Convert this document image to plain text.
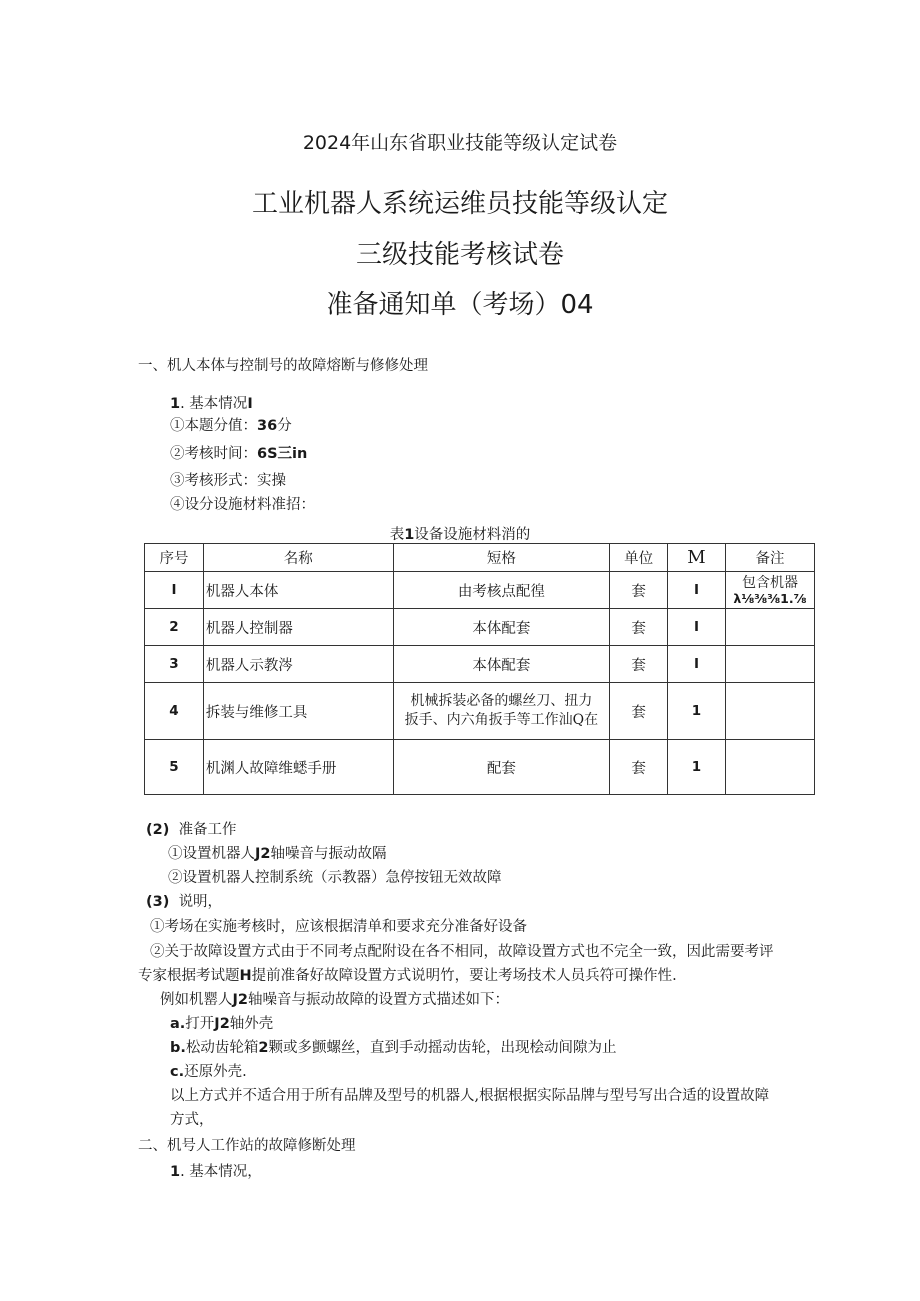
2024年山东省职业技能等级认定试卷
工业机器人系统运维员技能等级认定
三级技能考核试卷
准备通知单（考场）04
一、机人本体与控制号的故障熔断与修修处理
1. 基本情况I
①本题分值：36分
②考核时间：6S三in
③考核形式：实操
④设分设施材料准招：
表1设备设施材料消的
序号	名称	短格	单位	M	备注
I	机器人本体	由考核点配徨	套	I	包含机器
λ⅛⅜⅜1.⅞

2	机器人控制器	本体配套	套	I	
3	机器人示教涔	本体配套	套	I	
4	拆装与维修工具	机械拆装必备的螺丝刀、扭力
扳手、内六角扳手等工作汕Q在	套	1	
5	机渊人故障维蟋手册	配套	套	1	
(2) 准备工作
①设置机器人J2轴噪音与振动故隔
②设置机器人控制系统（示教器）急停按钮无效故障
(3) 说明，
①考场在实施考核时，应该根据清单和要求充分准备好设备
②关于故障设置方式由于不同考点配附设在各不相同，故障设置方式也不完全一致，因此需要考评
专家根据考试题H提前准备好故障设置方式说明竹，要让考场技术人员兵符可操作性.
例如机罂人J2轴噪音与振动故障的设置方式描述如下：
a.打开J2轴外壳
b.松动齿轮箱2颗或多颤螺丝，直到手动摇动齿轮，出现桧动间隙为止
c.还原外壳.
以上方式并不适合用于所有品牌及型号的机器人,根据根据实际品牌与型号写出合适的设置故障
方式，
二、机号人工作站的故障修断处理
1. 基本情况，
